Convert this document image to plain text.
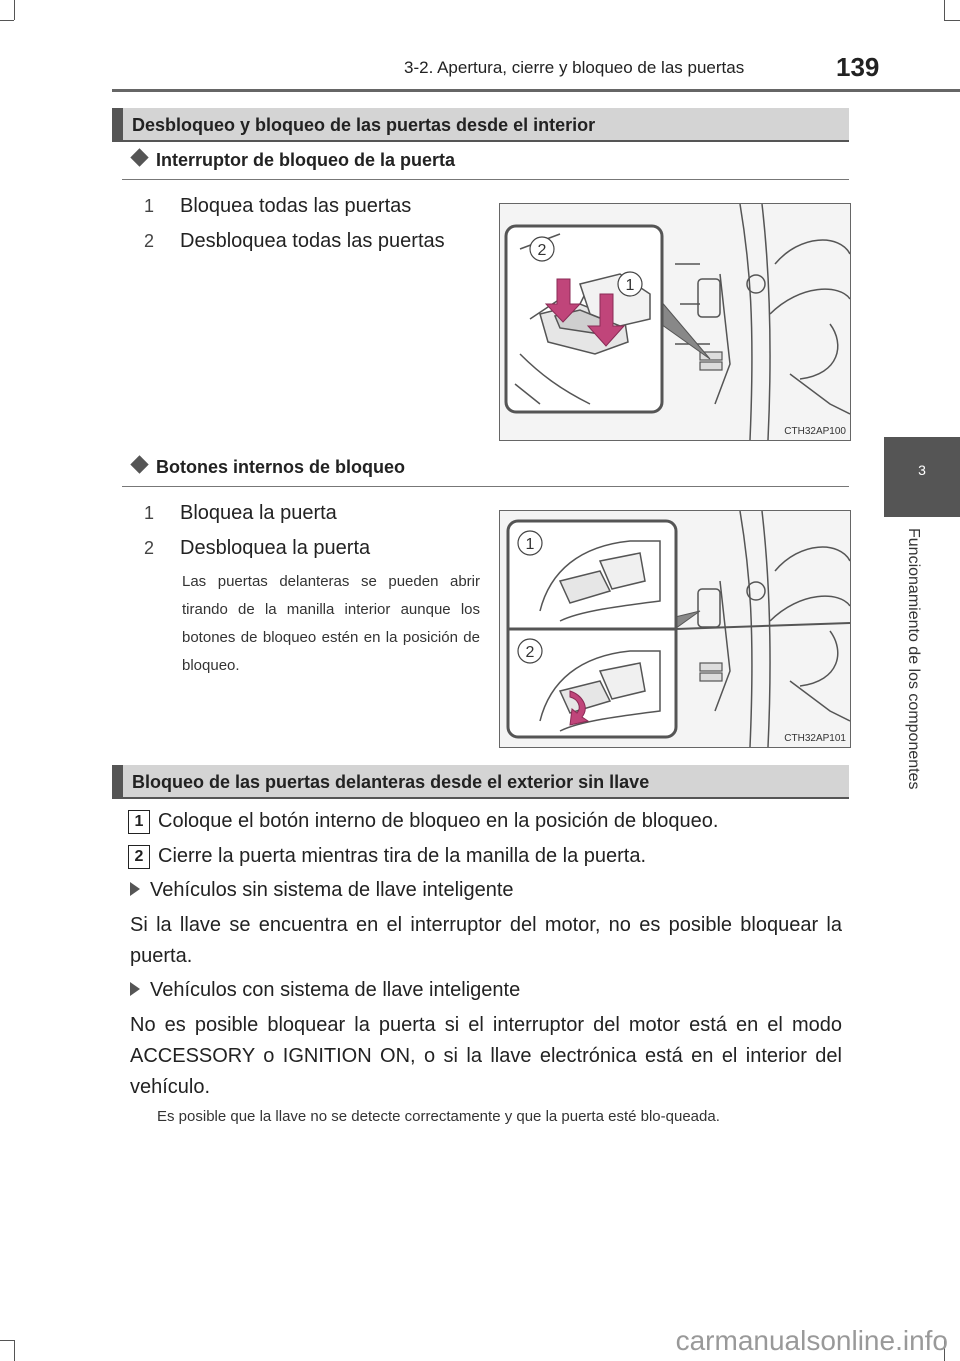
3-2. Apertura, cierre y bloqueo de las puertas	139
3
Funcionamiento de los componentes
Desbloqueo y bloqueo de las puertas desde el interior
Interruptor de bloqueo de la puerta
1 Bloquea todas las puertas
2 Desbloquea todas las puertas	2
1
CTH32AP100
Botones internos de bloqueo
1 Bloquea la puerta
2 Desbloquea la puerta
Las puertas delanteras se pueden abrir tirando de la manilla interior aunque los botones de bloqueo estén en la posición de bloqueo.
1
2
CTH32AP101
Bloqueo de las puertas delanteras desde el exterior sin llave
1 Coloque el botón interno de bloqueo en la posición de bloqueo.
2 Cierre la puerta mientras tira de la manilla de la puerta.
Vehículos sin sistema de llave inteligente
Si la llave se encuentra en el interruptor del motor, no es posible bloquear la puerta.
Vehículos con sistema de llave inteligente
No es posible bloquear la puerta si el interruptor del motor está en el modo ACCESSORY o IGNITION ON, o si la llave electrónica está en el interior del vehículo.
Es posible que la llave no se detecte correctamente y que la puerta esté blo-queada.
carmanualsonline.info
